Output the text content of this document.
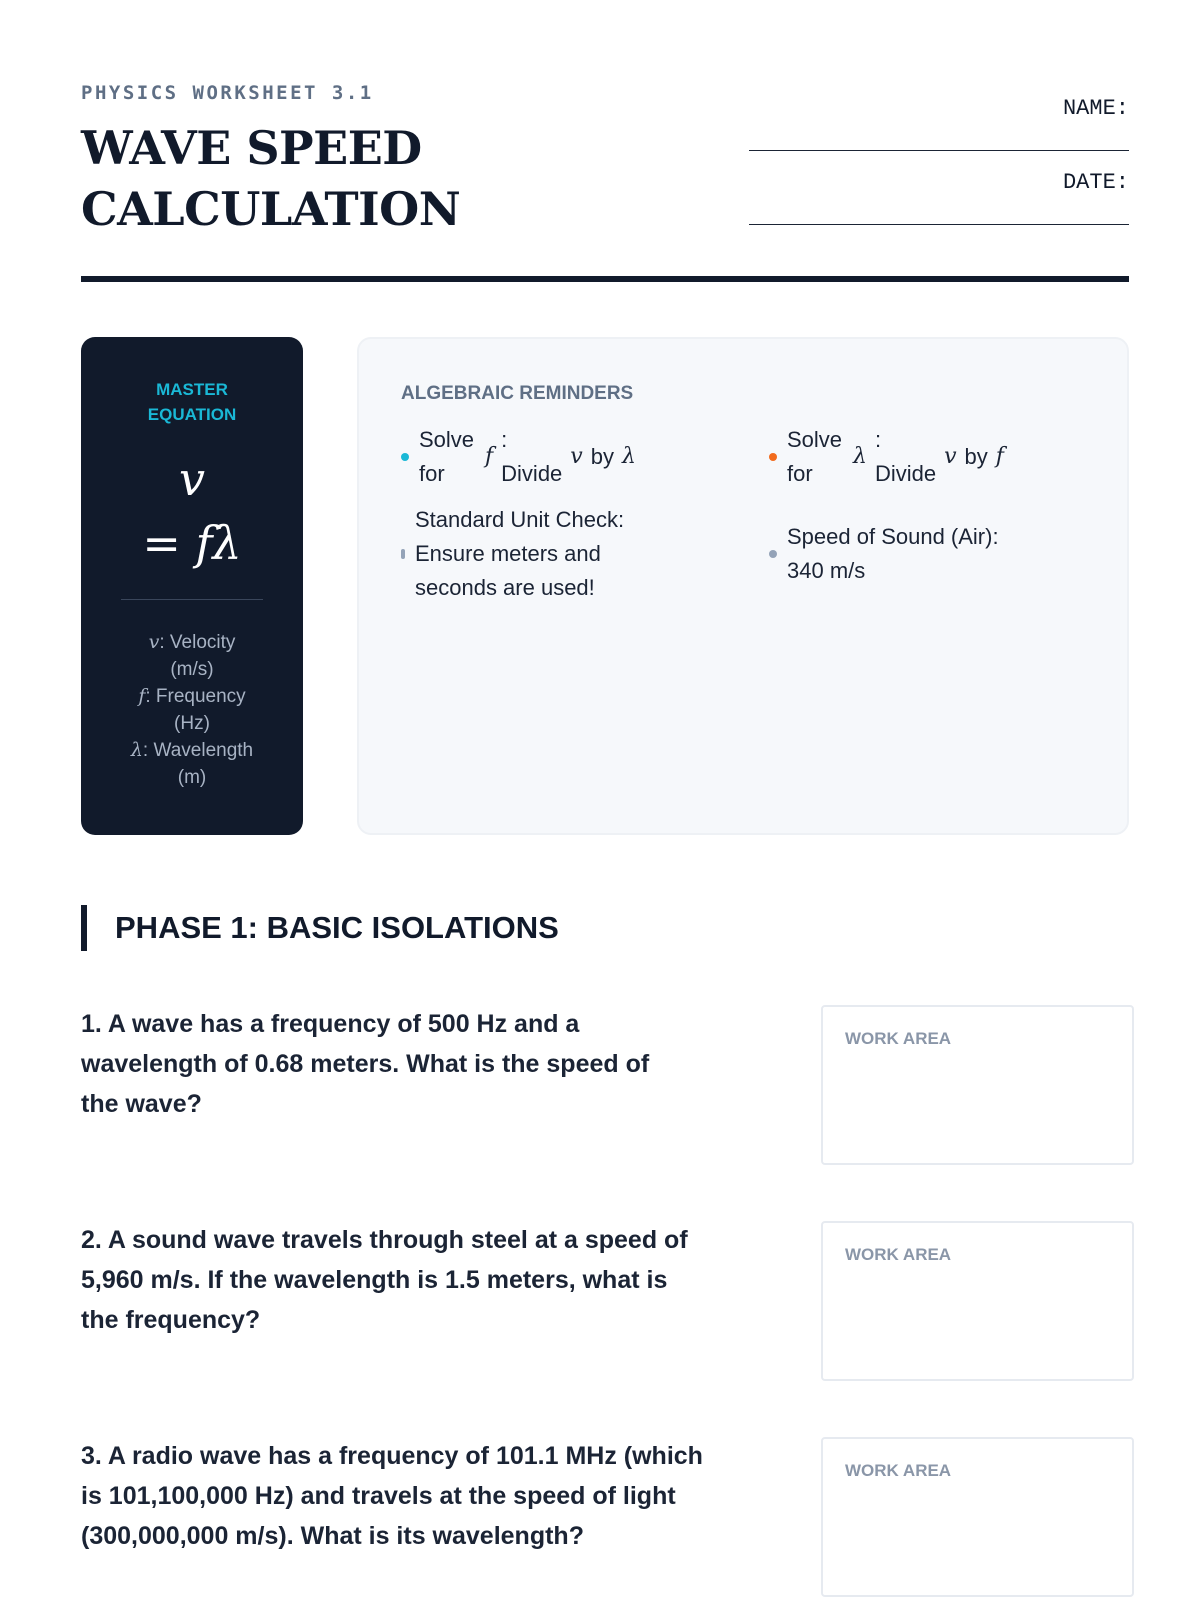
PHYSICS WORKSHEET 3.1
WAVE SPEED
CALCULATION
NAME:
DATE:
MASTER
EQUATION
v
= fλ
v: Velocity
(m/s)
f: Frequency
(Hz)
λ: Wavelength
(m)
ALGEBRAIC REMINDERS
Solve
for
f
:
Divide
v by λ
Solve
for
λ
:
Divide
v by f
Standard Unit Check:
Ensure meters and
seconds are used!
Speed of Sound (Air):
340 m/s
PHASE 1: BASIC ISOLATIONS
1. A wave has a frequency of 500 Hz and a
wavelength of 0.68 meters. What is the speed of
the wave?
WORK AREA
2. A sound wave travels through steel at a speed of
5,960 m/s. If the wavelength is 1.5 meters, what is
the frequency?
WORK AREA
3. A radio wave has a frequency of 101.1 MHz (which
is 101,100,000 Hz) and travels at the speed of light
(300,000,000 m/s). What is its wavelength?
WORK AREA
